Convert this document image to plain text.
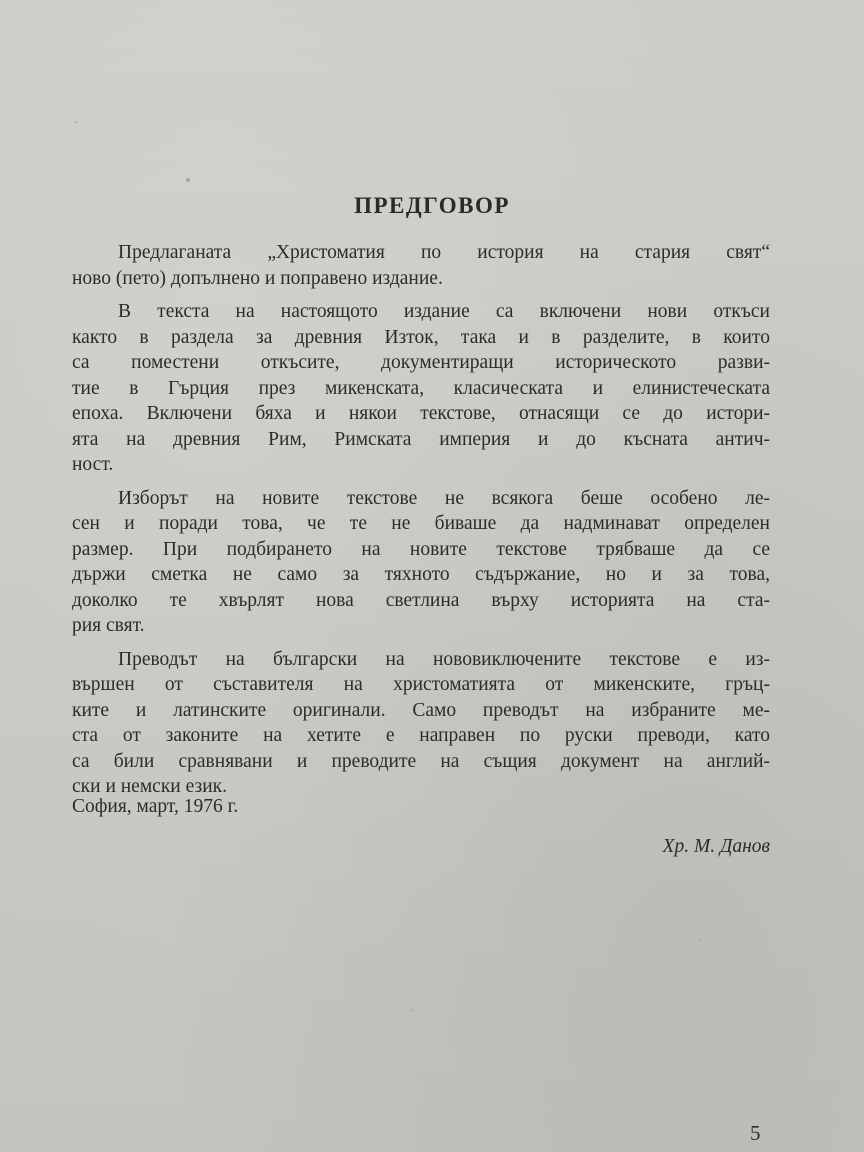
ПРЕДГОВОР

Предлаганата „Христоматия по история на стария свят“
ново (пето) допълнено и поправено издание.

В текста на настоящото издание са включени нови откъси
както в раздела за древния Изток, така и в разделите, в които
са поместени откъсите, документиращи историческото разви-
тие в Гърция през микенската, класическата и елинистеческата
епоха. Включени бяха и някои текстове, отнасящи се до истори-
ята на древния Рим, Римската империя и до късната антич-
ност.

Изборът на новите текстове не всякога беше особено ле-
сен и поради това, че те не биваше да надминават определен
размер. При подбирането на новите текстове трябваше да се
държи сметка не само за тяхното съдържание, но и за това,
доколко те хвърлят нова светлина върху историята на ста-
рия свят.

Преводът на български на нововиключените текстове е из-
вършен от съставителя на христоматията от микенските, гръц-
ките и латинските оригинали. Само преводът на избраните ме-
ста от законите на хетите е направен по руски преводи, като
са били сравнявани и преводите на същия документ на англий-
ски и немски език.

София, март, 1976 г.
Хр. М. Данов
5
